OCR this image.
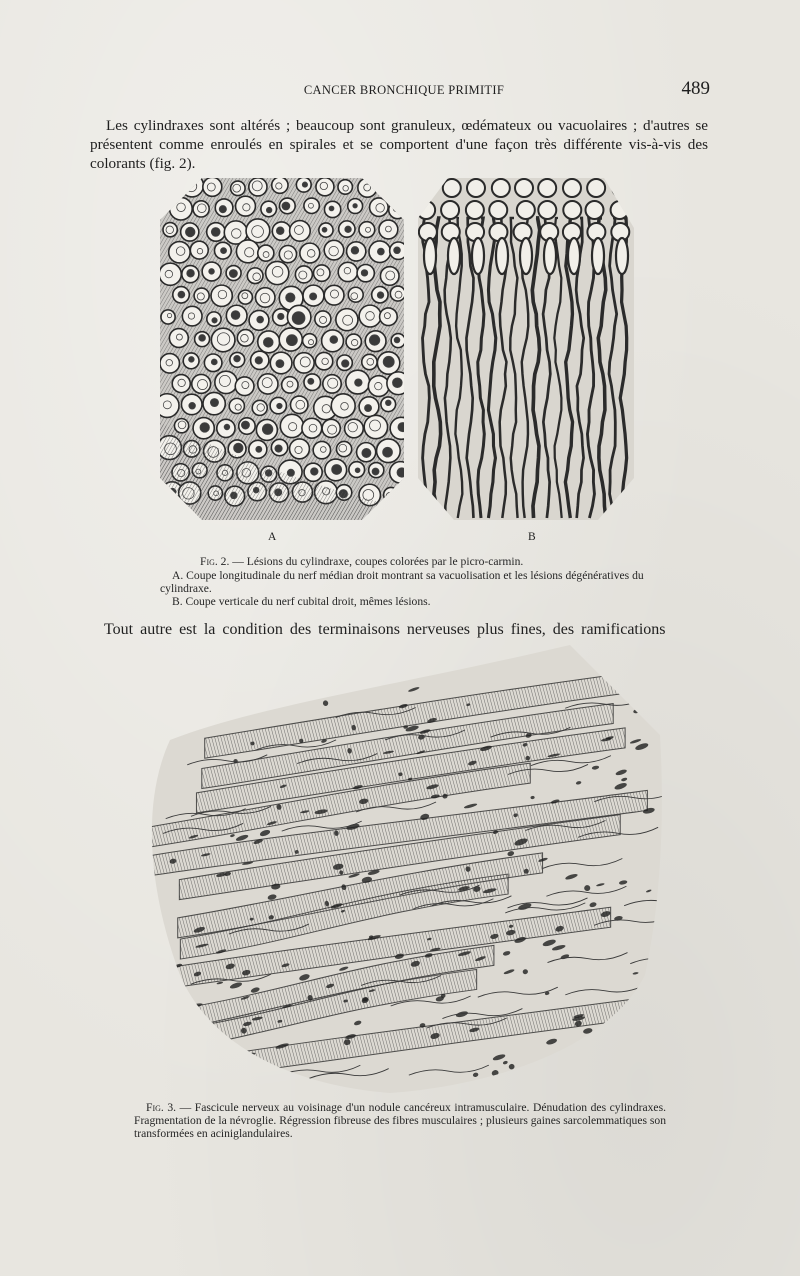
CANCER BRONCHIQUE PRIMITIF	489

Les cylindraxes sont altérés ; beaucoup sont granuleux, œdémateux ou vacuolaires ; d'autres se présentent comme enroulés en spirales et se comportent d'une façon très différente vis-à-vis des colorants (fig. 2).

A	B
Fig. 2. — Lésions du cylindraxe, coupes colorées par le picro-carmin.
A. Coupe longitudinale du nerf médian droit montrant sa vacuolisation et les lésions dégénératives du cylindraxe.
B. Coupe verticale du nerf cubital droit, mêmes lésions.

Tout autre est la condition des terminaisons nerveuses plus fines, des ramifications

Fig. 3. — Fascicule nerveux au voisinage d'un nodule cancéreux intramusculaire. Dénudation des cylindraxes. Fragmentation de la névroglie. Régression fibreuse des fibres musculaires ; plusieurs gaines sarcolemmatiques son transformées en aciniglandulaires.
